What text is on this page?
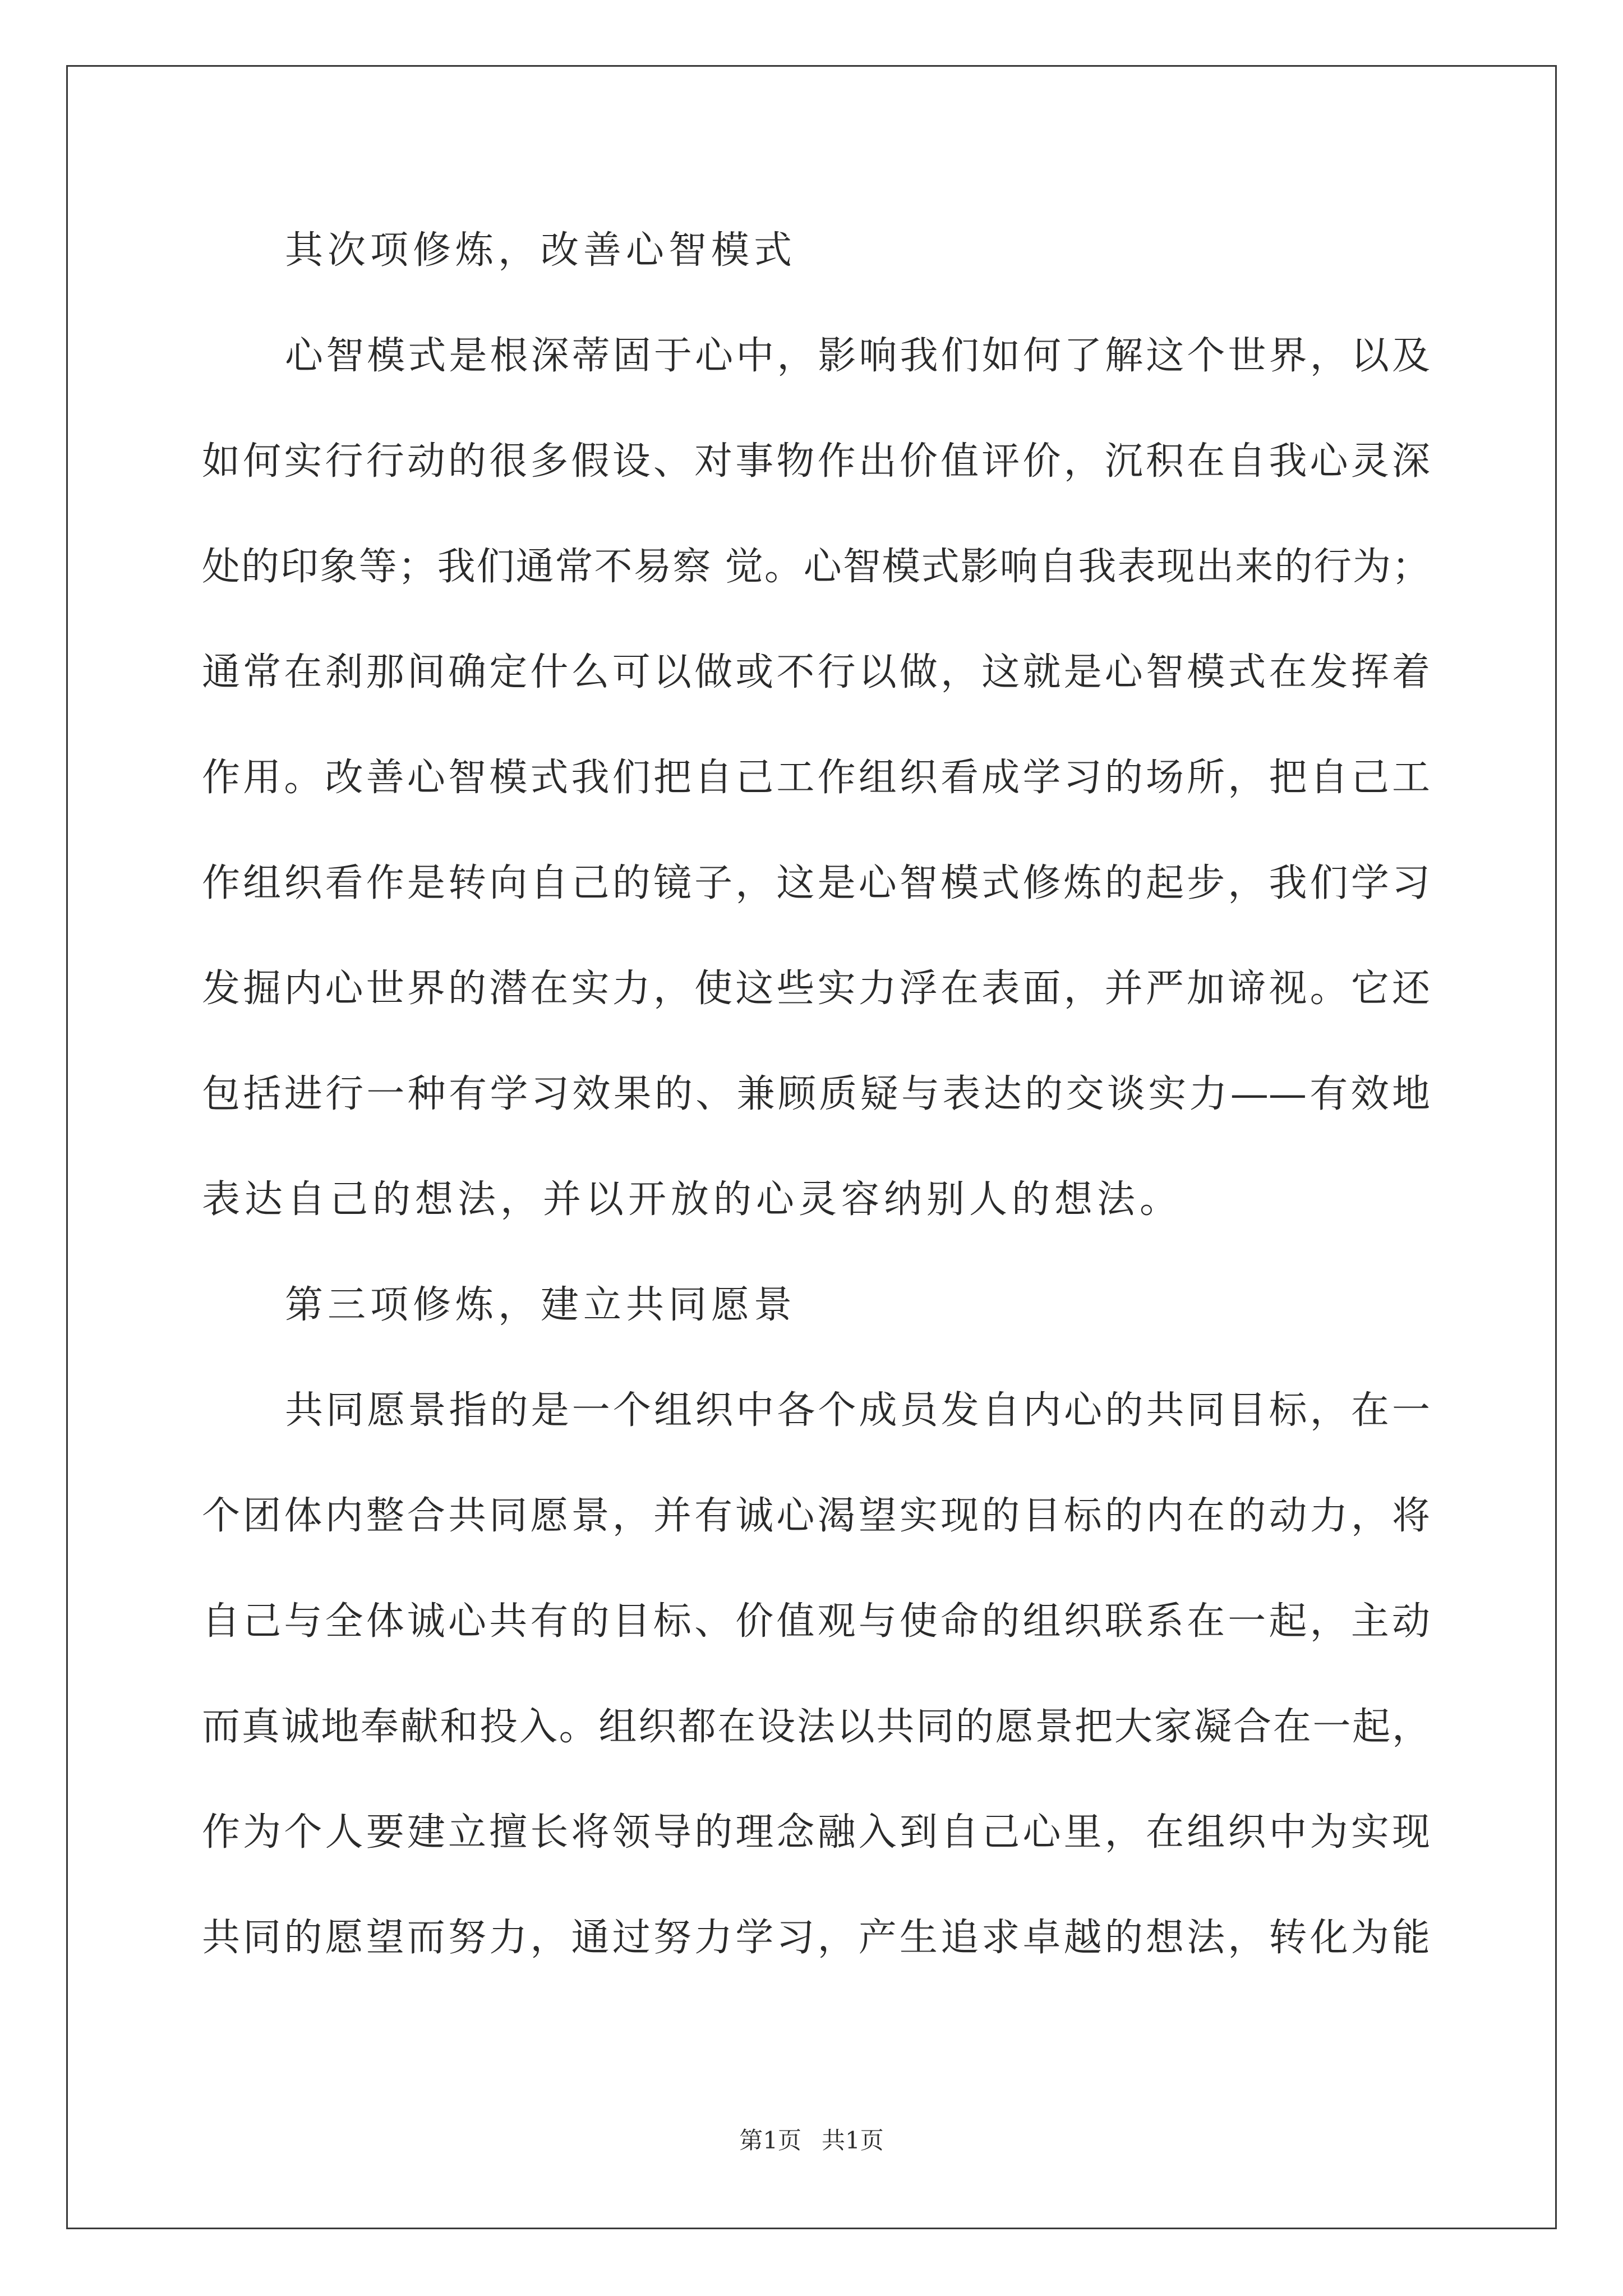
其次项修炼，改善心智模式
心智模式是根深蒂固于心中，影响我们如何了解这个世界，以及
如何实行行动的很多假设、对事物作出价值评价，沉积在自我心灵深
处的印象等；我们通常不易察 觉。心智模式影响自我表现出来的行为；
通常在刹那间确定什么可以做或不行以做，这就是心智模式在发挥着
作用。改善心智模式我们把自己工作组织看成学习的场所，把自己工
作组织看作是转向自己的镜子，这是心智模式修炼的起步，我们学习
发掘内心世界的潜在实力，使这些实力浮在表面，并严加谛视。它还
包括进行一种有学习效果的、兼顾质疑与表达的交谈实力——有效地
表达自己的想法，并以开放的心灵容纳别人的想法。
第三项修炼，建立共同愿景
共同愿景指的是一个组织中各个成员发自内心的共同目标，在一
个团体内整合共同愿景，并有诚心渴望实现的目标的内在的动力，将
自己与全体诚心共有的目标、价值观与使命的组织联系在一起，主动
而真诚地奉献和投入。组织都在设法以共同的愿景把大家凝合在一起，
作为个人要建立擅长将领导的理念融入到自己心里，在组织中为实现
共同的愿望而努力，通过努力学习，产生追求卓越的想法，转化为能
第1页 共1页
